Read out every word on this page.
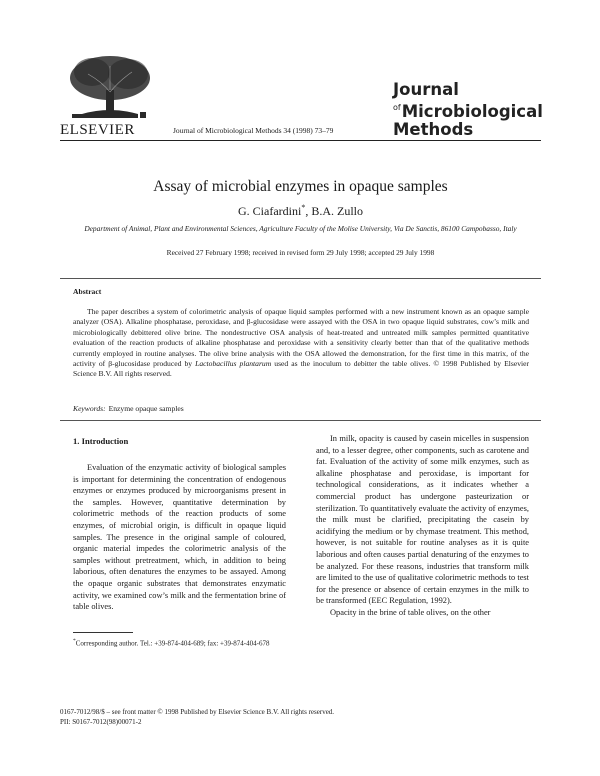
ELSEVIER	Journal of Microbiological Methods 34 (1998) 73–79
Journal
$^{of}$Microbiological
Methods
Assay of microbial enzymes in opaque samples
G. Ciafardini*, B.A. Zullo
Department of Animal, Plant and Environmental Sciences, Agriculture Faculty of the Molise University, Via De Sanctis, 86100 Campobasso, Italy
Received 27 February 1998; received in revised form 29 July 1998; accepted 29 July 1998
Abstract

The paper describes a system of colorimetric analysis of opaque liquid samples performed with a new instrument known as an opaque sample analyzer (OSA). Alkaline phosphatase, peroxidase, and β-glucosidase were assayed with the OSA in two opaque liquid substrates, cow’s milk and microbiologically debittered olive brine. The nondestructive OSA analysis of heat-treated and untreated milk samples permitted quantitative evaluation of the reaction products of alkaline phosphatase and peroxidase with a sensitivity clearly better than that of the qualitative methods currently employed in routine analyses. The olive brine analysis with the OSA allowed the demonstration, for the first time in this matrix, of the activity of β-glucosidase produced by Lactobacillus plantarum used as the inoculum to debitter the table olives. © 1998 Published by Elsevier Science B.V. All rights reserved.

Keywords: Enzyme opaque samples
1. Introduction

Evaluation of the enzymatic activity of biological samples is important for determining the concentration of endogenous enzymes or enzymes produced by microorganisms present in the samples. However, quantitative determination by colorimetric methods of the reaction products of some enzymes, of microbial origin, is difficult in opaque liquid samples. The presence in the original sample of coloured, organic material impedes the colorimetric analysis of the samples without pretreatment, which, in addition to being laborious, often denatures the enzymes to be assayed. Among the opaque organic substrates that demonstrates enzymatic activity, we examined cow’s milk and the fermentation brine of table olives.

In milk, opacity is caused by casein micelles in suspension and, to a lesser degree, other components, such as carotene and fat. Evaluation of the activity of some milk enzymes, such as alkaline phosphatase and peroxidase, is important for technological considerations, as it indicates whether a commercial product has undergone pasteurization or sterilization. To quantitatively evaluate the activity of enzymes, the milk must be clarified, precipitating the casein by acidifying the medium or by chymase treatment. This method, however, is not suitable for routine analyses as it is quite laborious and often causes partial denaturing of the enzymes to be analyzed. For these reasons, industries that transform milk are limited to the use of qualitative colorimetric methods to test for the presence or absence of certain enzymes in the milk to be transformed (EEC Regulation, 1992).

Opacity in the brine of table olives, on the other

*Corresponding author. Tel.: +39-874-404-689; fax: +39-874-404-678
0167-7012/98/$ – see front matter © 1998 Published by Elsevier Science B.V. All rights reserved.
PII: S0167-7012(98)00071-2
